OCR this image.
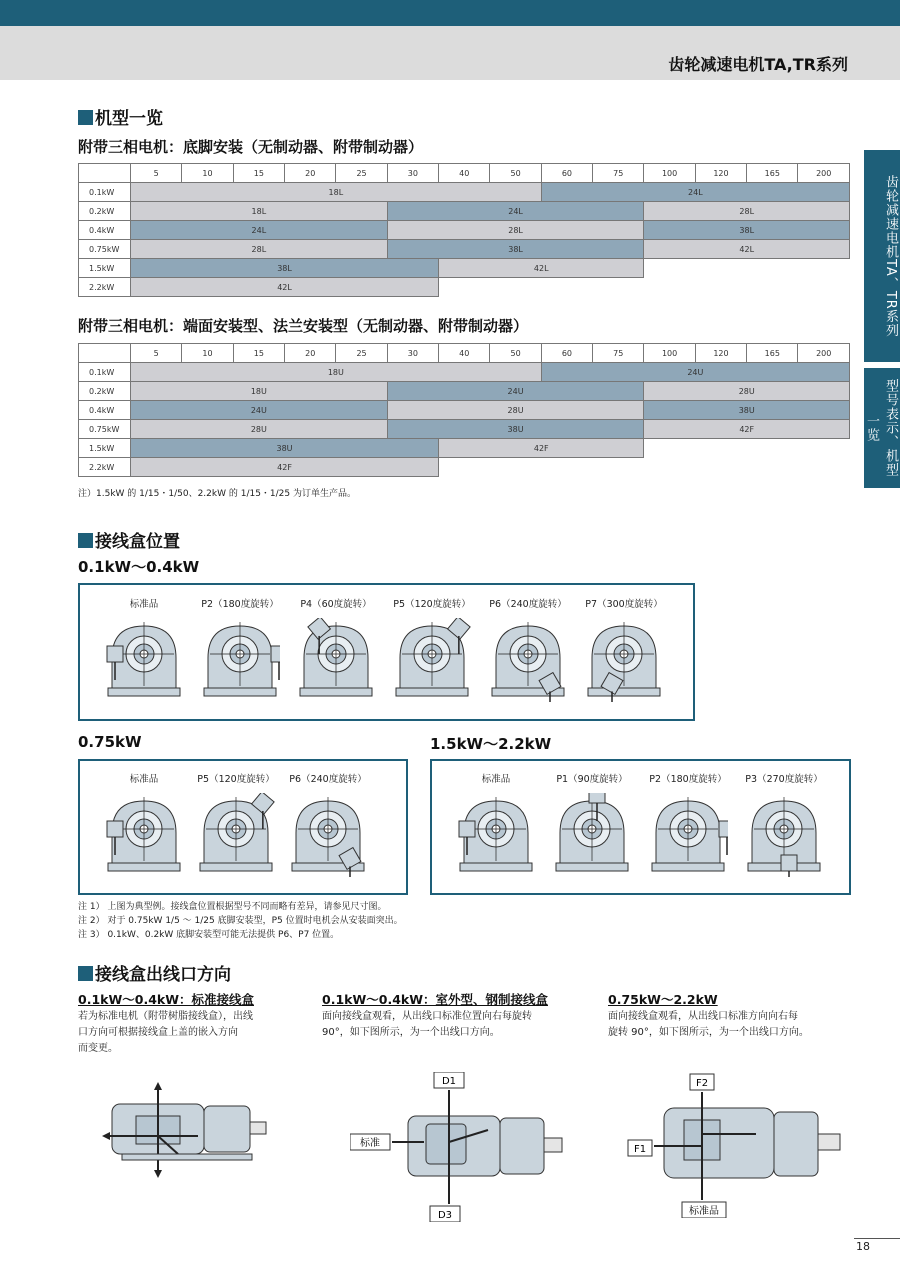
齿轮减速电机TA,TR系列
齿轮减速电机TA、TR系列
型号表示、机型一览
机型一览
附带三相电机：底脚安装（无制动器、附带制动器）
	5	10	15	20	25	30	40	50	60	75	100	120	165	200
0.1kW	18L								24L					
0.2kW	18L					24L					28L			
0.4kW	24L					28L					38L			
0.75kW	28L					38L					42L			
1.5kW	38L						42L							
2.2kW	42L													
附带三相电机：端面安装型、法兰安装型（无制动器、附带制动器）
	5	10	15	20	25	30	40	50	60	75	100	120	165	200
0.1kW	18U								24U					
0.2kW	18U					24U					28U			
0.4kW	24U					28U					38U			
0.75kW	28U					38U					42F			
1.5kW	38U						42F							
2.2kW	42F													
注）1.5kW 的 1/15・1/50、2.2kW 的 1/15・1/25 为订单生产品。
接线盒位置
0.1kW～0.4kW
标准品	P2（180度旋转）	P4（60度旋转）	P5（120度旋转） P6（240度旋转） P7（300度旋转）
0.75kW
标准品	P5（120度旋转） P6（240度旋转）
1.5kW～2.2kW
标准品	P1（90度旋转）	P2（180度旋转） P3（270度旋转）
注 1） 上图为典型例。接线盒位置根据型号不同而略有差异，请参见尺寸图。
注 2） 对于 0.75kW 1/5 ～ 1/25 底脚安装型，P5 位置时电机会从安装面突出。
注 3） 0.1kW、0.2kW 底脚安装型可能无法提供 P6、P7 位置。
接线盒出线口方向
0.1kW～0.4kW：标准接线盒
若为标准电机（附带树脂接线盒），出线
口方向可根据接线盒上盖的嵌入方向
而变更。
0.1kW～0.4kW：室外型、钢制接线盒
面向接线盒观看，从出线口标准位置向右每旋转
90°，如下图所示，为一个出线口方向。
0.75kW～2.2kW
面向接线盒观看，从出线口标准方向向右每
旋转 90°，如下图所示，为一个出线口方向。
D1
D3
标准
F2
F1
标准品
18
